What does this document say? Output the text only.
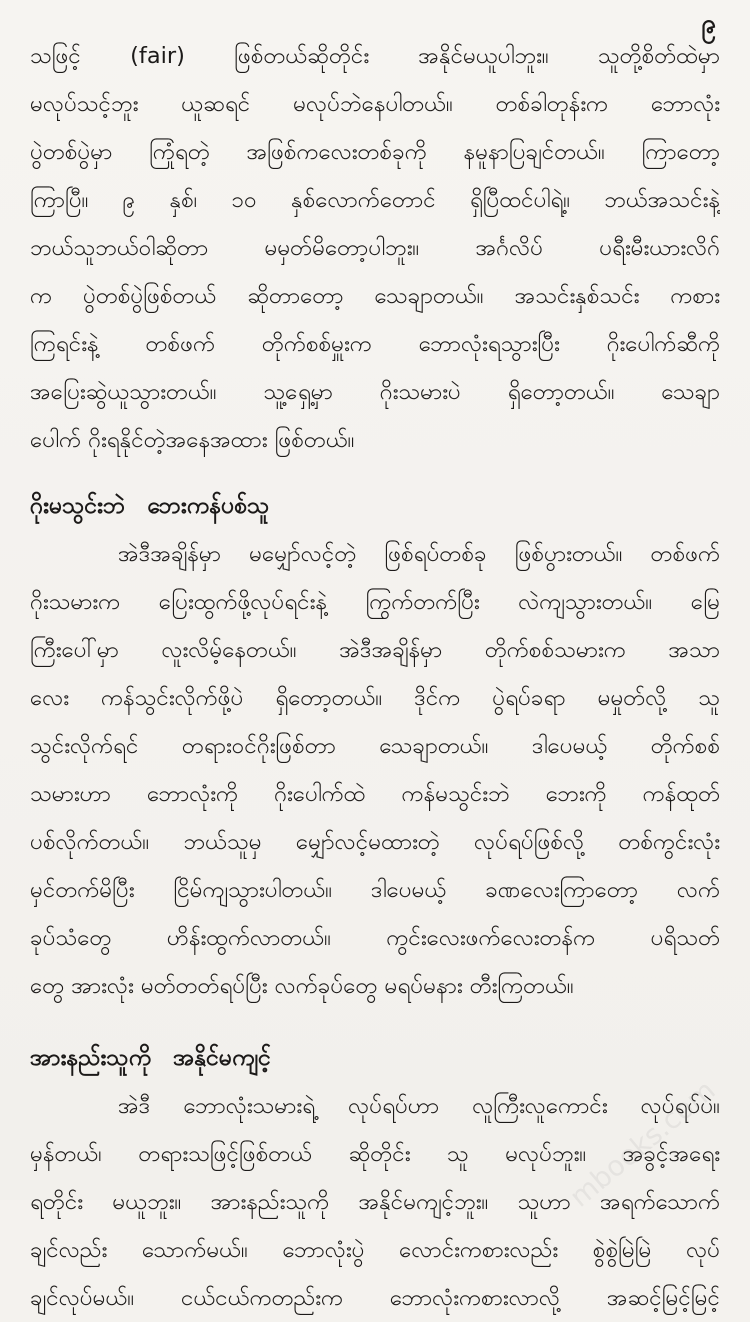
၉
သဖြင့် (fair) ဖြစ်တယ်ဆိုတိုင်း အနိုင်မယူပါဘူး။ သူတို့စိတ်ထဲမှာ
မလုပ်သင့်ဘူး ယူဆရင် မလုပ်ဘဲနေပါတယ်။ တစ်ခါတုန်းက ဘောလုံး
ပွဲတစ်ပွဲမှာ ကြုံရတဲ့ အဖြစ်ကလေးတစ်ခုကို နမူနာပြချင်တယ်။ ကြာတော့
ကြာပြီ။ ၉ နှစ်၊ ၁၀ နှစ်လောက်တောင် ရှိပြီထင်ပါရဲ့။ ဘယ်အသင်းနဲ့
ဘယ်သူဘယ်ဝါဆိုတာ မမှတ်မိတော့ပါဘူး။ အင်္ဂလိပ် ပရီးမီးယားလိဂ်
က ပွဲတစ်ပွဲဖြစ်တယ် ဆိုတာတော့ သေချာတယ်။ အသင်းနှစ်သင်း ကစား
ကြရင်းနဲ့ တစ်ဖက် တိုက်စစ်မှူးက ဘောလုံးရသွားပြီး ဂိုးပေါက်ဆီကို
အပြေးဆွဲယူသွားတယ်။ သူ့ရှေ့မှာ ဂိုးသမားပဲ ရှိတော့တယ်။ သေချာ
ပေါက် ဂိုးရနိုင်တဲ့အနေအထား ဖြစ်တယ်။
ဂိုးမသွင်းဘဲ ဘေးကန်ပစ်သူ
အဲဒီအချိန်မှာ မမျှော်လင့်တဲ့ ဖြစ်ရပ်တစ်ခု ဖြစ်ပွားတယ်။ တစ်ဖက်
ဂိုးသမားက ပြေးထွက်ဖို့လုပ်ရင်းနဲ့ ကြွက်တက်ပြီး လဲကျသွားတယ်။ မြေ
ကြီးပေါ်မှာ လူးလိမ့်နေတယ်။ အဲဒီအချိန်မှာ တိုက်စစ်သမားက အသာ
လေး ကန်သွင်းလိုက်ဖို့ပဲ ရှိတော့တယ်။ ဒိုင်က ပွဲရပ်ခရာ မမှုတ်လို့ သူ
သွင်းလိုက်ရင် တရားဝင်ဂိုးဖြစ်တာ သေချာတယ်။ ဒါပေမယ့် တိုက်စစ်
သမားဟာ ဘောလုံးကို ဂိုးပေါက်ထဲ ကန်မသွင်းဘဲ ဘေးကို ကန်ထုတ်
ပစ်လိုက်တယ်။ ဘယ်သူမှ မျှော်လင့်မထားတဲ့ လုပ်ရပ်ဖြစ်လို့ တစ်ကွင်းလုံး
မှင်တက်မိပြီး ငြိမ်ကျသွားပါတယ်။ ဒါပေမယ့် ခဏလေးကြာတော့ လက်
ခုပ်သံတွေ ဟိန်းထွက်လာတယ်။ ကွင်းလေးဖက်လေးတန်က ပရိသတ်
တွေ အားလုံး မတ်တတ်ရပ်ပြီး လက်ခုပ်တွေ မရပ်မနား တီးကြတယ်။
အားနည်းသူကို အနိုင်မကျင့်
အဲဒီ ဘောလုံးသမားရဲ့ လုပ်ရပ်ဟာ လူကြီးလူကောင်း လုပ်ရပ်ပဲ။
မှန်တယ်၊ တရားသဖြင့်ဖြစ်တယ် ဆိုတိုင်း သူ မလုပ်ဘူး။ အခွင့်အရေး
ရတိုင်း မယူဘူး။ အားနည်းသူကို အနိုင်မကျင့်ဘူး။ သူဟာ အရက်သောက်
ချင်လည်း သောက်မယ်။ ဘောလုံးပွဲ လောင်းကစားလည်း စွဲစွဲမြဲမြဲ လုပ်
ချင်လုပ်မယ်။ ငယ်ငယ်ကတည်းက ဘောလုံးကစားလာလို့ အဆင့်မြင့်မြင့်
mbooks.com
